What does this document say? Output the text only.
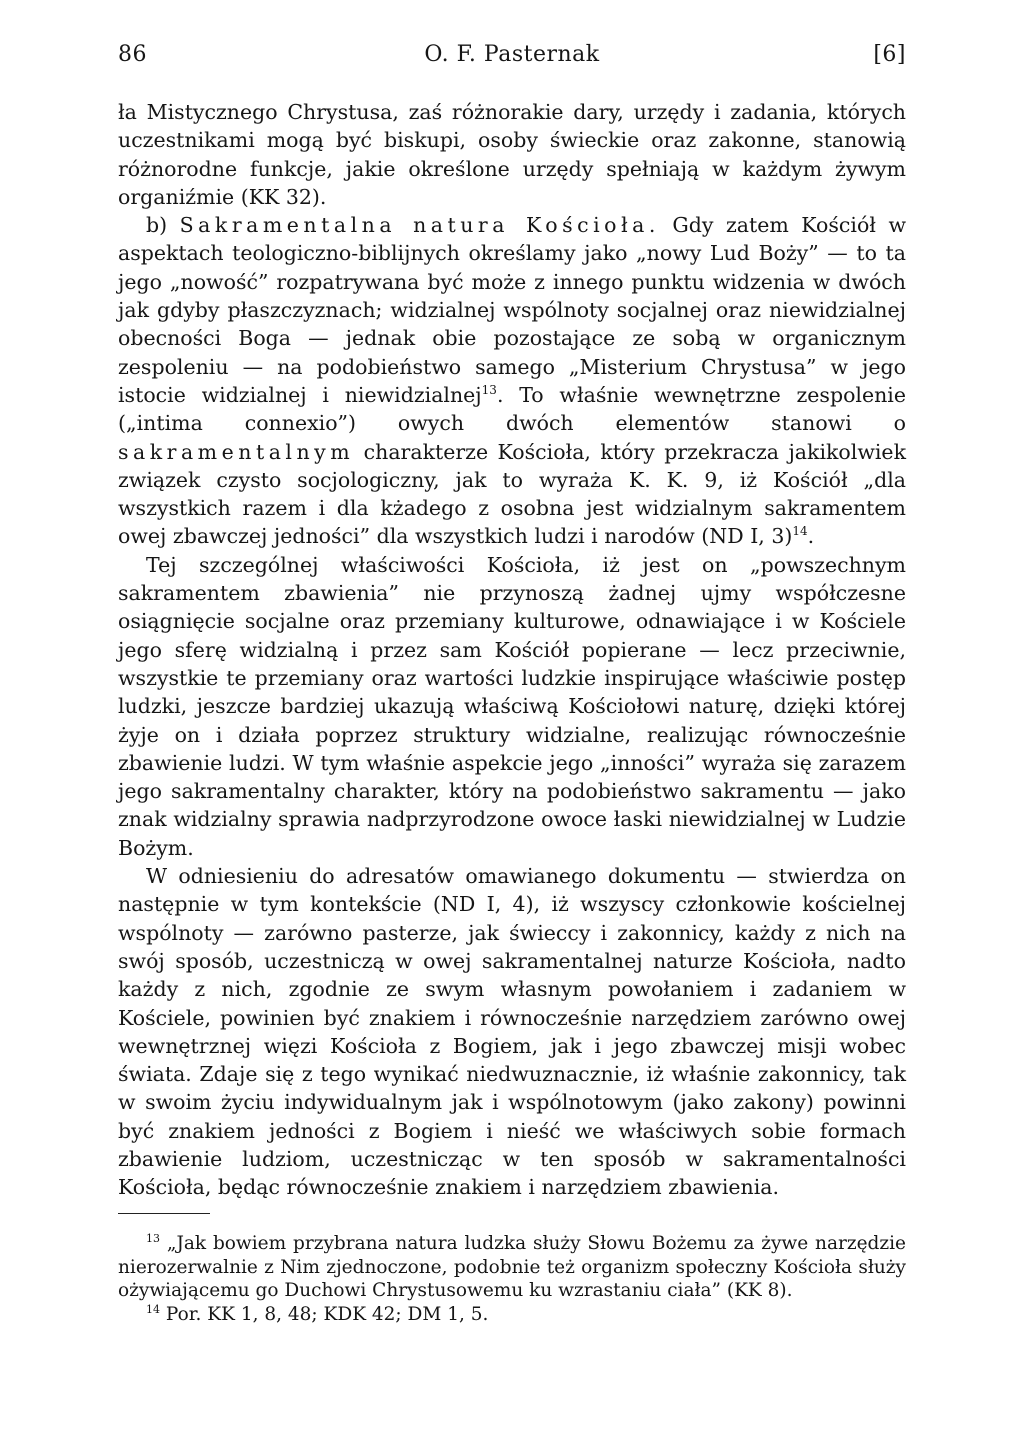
86	O. F. Pasternak	[6]

ła Mistycznego Chrystusa, zaś różnorakie dary, urzędy i zadania, których uczestnikami mogą być biskupi, osoby świeckie oraz zakonne, stanowią różnorodne funkcje, jakie określone urzędy spełniają w każdym żywym organiźmie (KK 32).

b) Sakramentalna natura Kościoła. Gdy zatem Kościół w aspektach teologiczno-biblijnych określamy jako „nowy Lud Boży” — to ta jego „nowość” rozpatrywana być może z innego punktu widzenia w dwóch jak gdyby płaszczyznach; widzialnej wspólnoty socjalnej oraz niewidzialnej obecności Boga — jednak obie pozostające ze sobą w organicznym zespoleniu — na podobieństwo samego „Misterium Chrystusa” w jego istocie widzialnej i niewidzialnej$^{13}$. To właśnie wewnętrzne zespolenie („intima connexio”) owych dwóch elementów stanowi o sakramentalnym charakterze Kościoła, który przekracza jakikolwiek związek czysto socjologiczny, jak to wyraża K. K. 9, iż Kościół „dla wszystkich razem i dla kżadego z osobna jest widzialnym sakramentem owej zbawczej jedności” dla wszystkich ludzi i narodów (ND I, 3)$^{14}$.

Tej szczególnej właściwości Kościoła, iż jest on „powszechnym sakramentem zbawienia” nie przynoszą żadnej ujmy współczesne osiągnięcie socjalne oraz przemiany kulturowe, odnawiające i w Kościele jego sferę widzialną i przez sam Kościół popierane — lecz przeciwnie, wszystkie te przemiany oraz wartości ludzkie inspirujące właściwie postęp ludzki, jeszcze bardziej ukazują właściwą Kościołowi naturę, dzięki której żyje on i działa poprzez struktury widzialne, realizując równocześnie zbawienie ludzi. W tym właśnie aspekcie jego „inności” wyraża się zarazem jego sakramentalny charakter, który na podobieństwo sakramentu — jako znak widzialny sprawia nadprzyrodzone owoce łaski niewidzialnej w Ludzie Bożym.

W odniesieniu do adresatów omawianego dokumentu — stwierdza on następnie w tym kontekście (ND I, 4), iż wszyscy członkowie kościelnej wspólnoty — zarówno pasterze, jak świeccy i zakonnicy, każdy z nich na swój sposób, uczestniczą w owej sakramentalnej naturze Kościoła, nadto każdy z nich, zgodnie ze swym własnym powołaniem i zadaniem w Kościele, powinien być znakiem i równocześnie narzędziem zarówno owej wewnętrznej więzi Kościoła z Bogiem, jak i jego zbawczej misji wobec świata. Zdaje się z tego wynikać niedwuznacznie, iż właśnie zakonnicy, tak w swoim życiu indywidualnym jak i wspólnotowym (jako zakony) powinni być znakiem jedności z Bogiem i nieść we właściwych sobie formach zbawienie ludziom, uczestnicząc w ten sposób w sakramentalności Kościoła, będąc równocześnie znakiem i narzędziem zbawienia.

$^{13}$ „Jak bowiem przybrana natura ludzka służy Słowu Bożemu za żywe narzędzie nierozerwalnie z Nim zjednoczone, podobnie też organizm społeczny Kościoła służy ożywiającemu go Duchowi Chrystusowemu ku wzrastaniu ciała” (KK 8).

$^{14}$ Por. KK 1, 8, 48; KDK 42; DM 1, 5.
